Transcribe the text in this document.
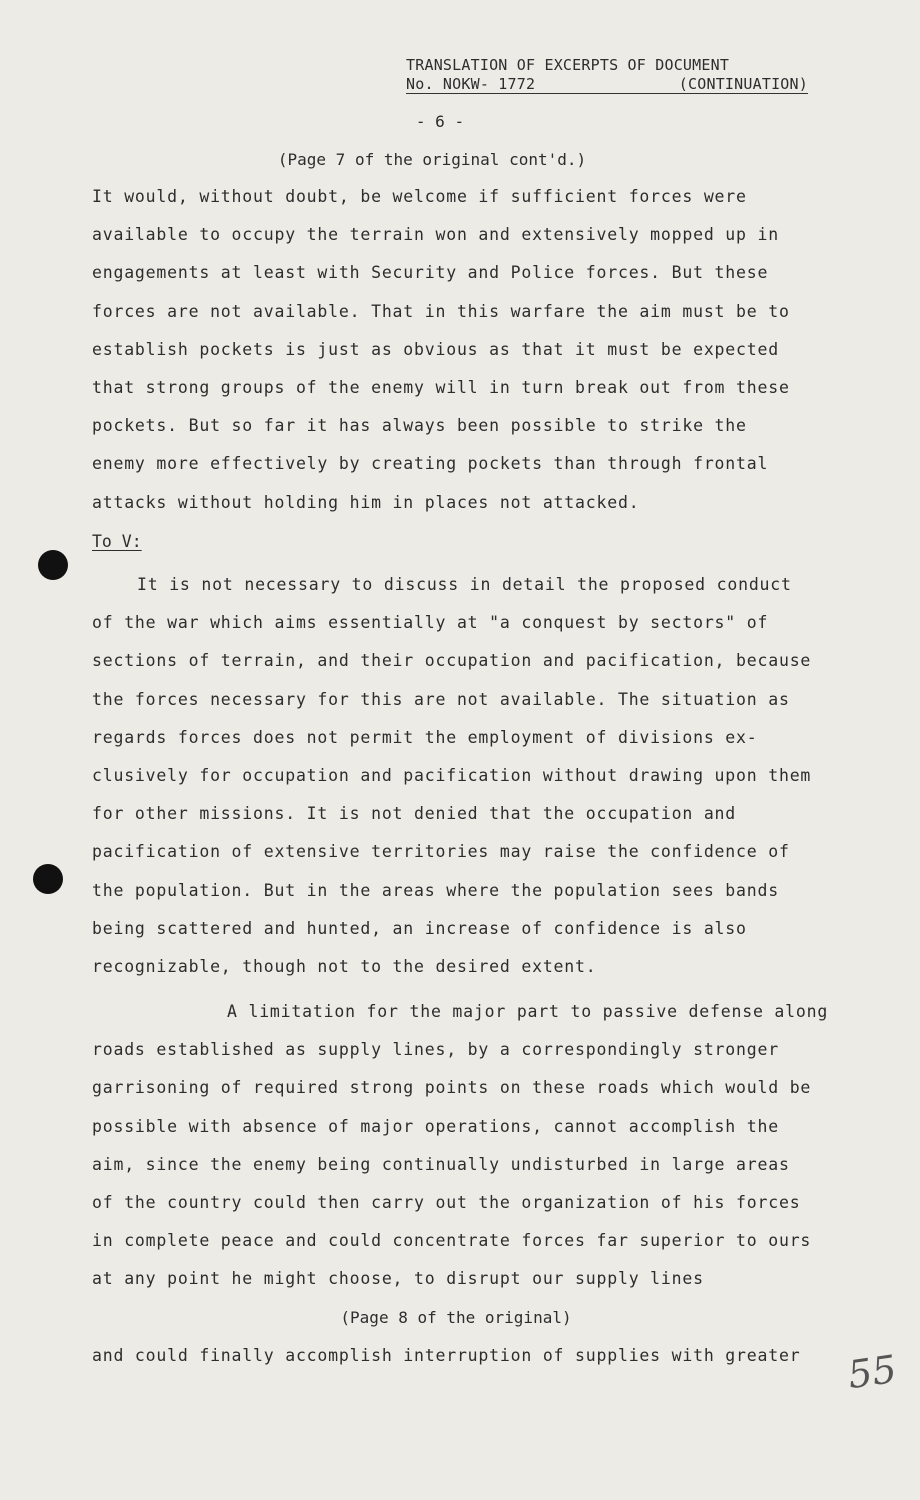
TRANSLATION OF EXCERPTS OF DOCUMENT
No. NOKW- 1772	(CONTINUATION)
- 6 -
(Page 7 of the original cont'd.)
It would, without doubt, be welcome if sufficient forces were
available to occupy the terrain won and extensively mopped up in
engagements at least with Security and Police forces. But these
forces are not available. That in this warfare the aim must be to
establish pockets is just as obvious as that it must be expected
that strong groups of the enemy will in turn break out from these
pockets. But so far it has always been possible to strike the
enemy more effectively by creating pockets than through frontal
attacks without holding him in places not attacked.
To V:
It is not necessary to discuss in detail the proposed conduct
of the war which aims essentially at "a conquest by sectors" of
sections of terrain, and their occupation and pacification, because
the forces necessary for this are not available. The situation as
regards forces does not permit the employment of divisions ex-
clusively for occupation and pacification without drawing upon them
for other missions. It is not denied that the occupation and
pacification of extensive territories may raise the confidence of
the population. But in the areas where the population sees bands
being scattered and hunted, an increase of confidence is also
recognizable, though not to the desired extent.
A limitation for the major part to passive defense along
roads established as supply lines, by a correspondingly stronger
garrisoning of required strong points on these roads which would be
possible with absence of major operations, cannot accomplish the
aim, since the enemy being continually undisturbed in large areas
of the country could then carry out the organization of his forces
in complete peace and could concentrate forces far superior to ours
at any point he might choose, to disrupt our supply lines
(Page 8 of the original)
and could finally accomplish interruption of supplies with greater	55
